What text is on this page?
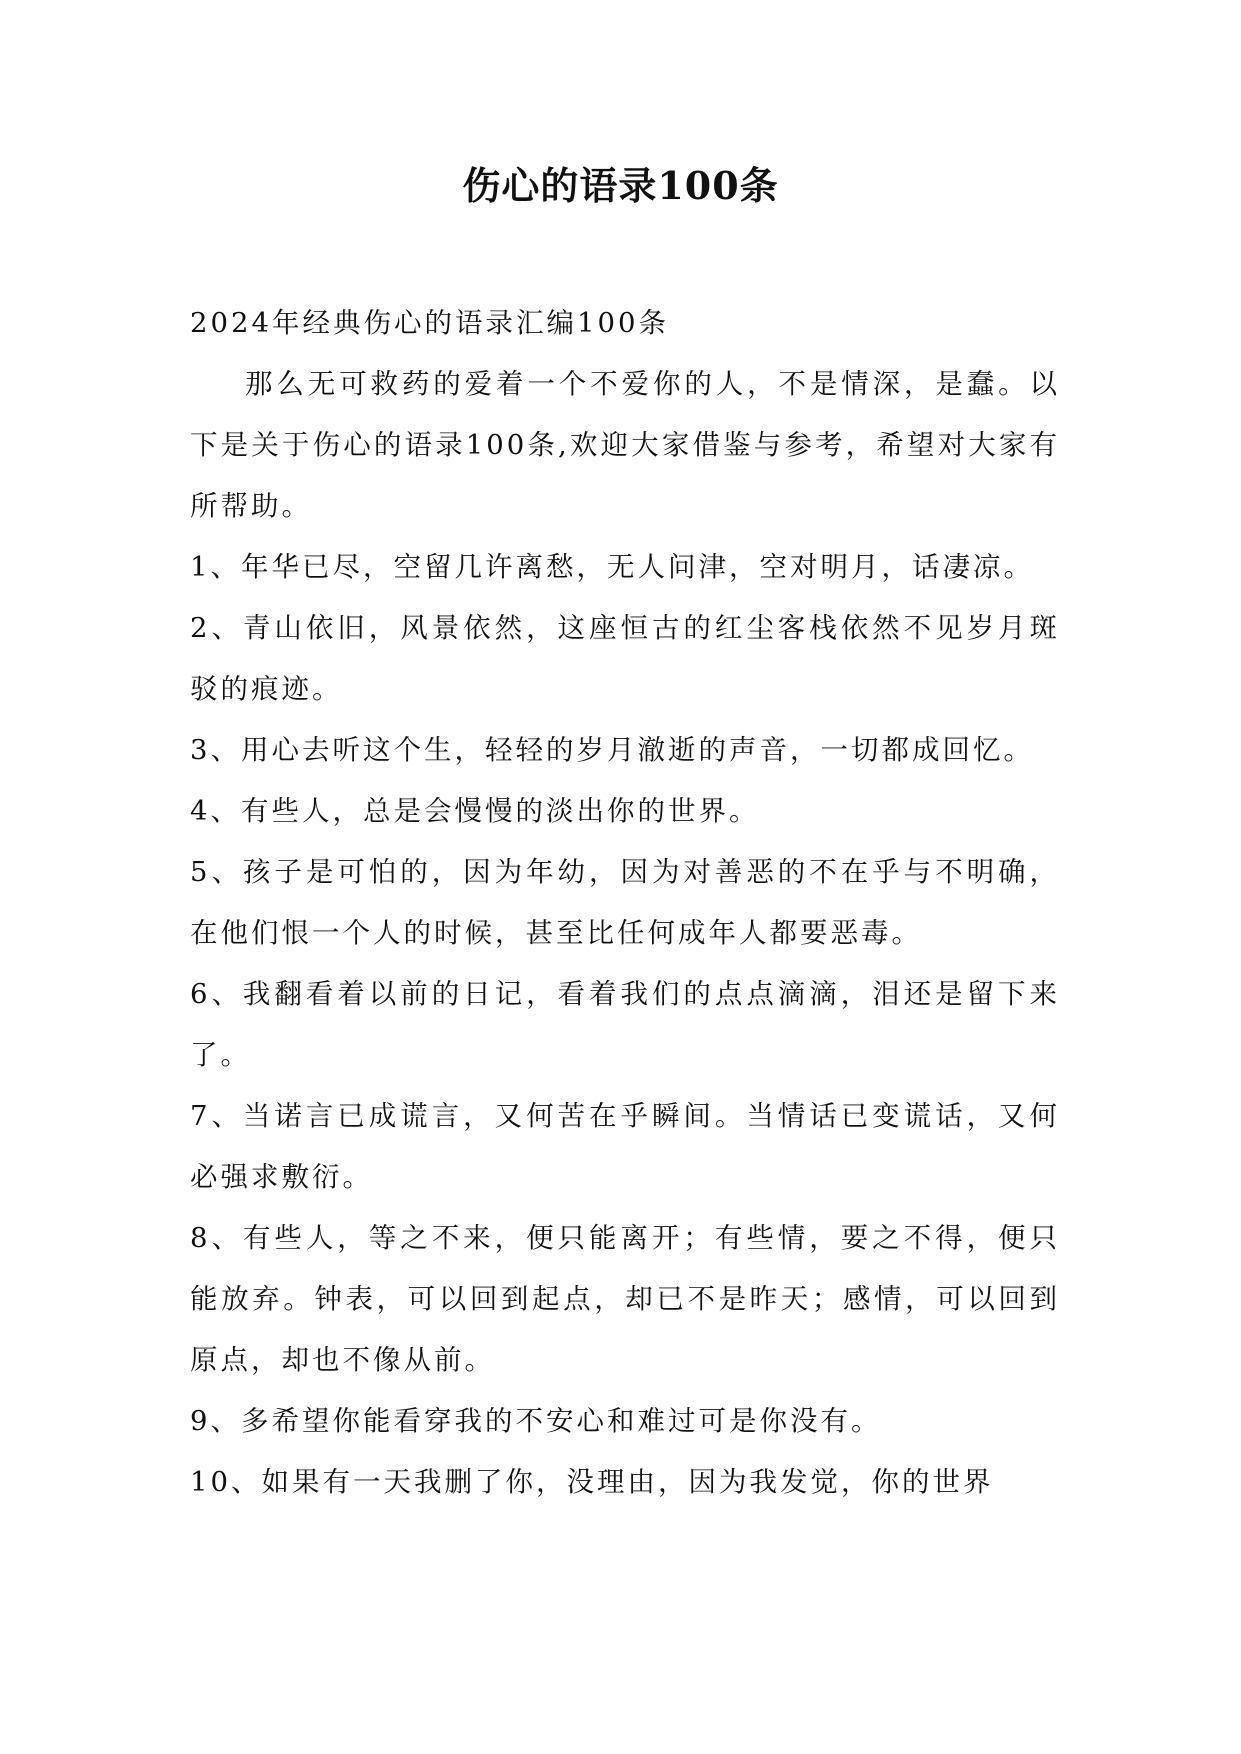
伤心的语录100条

2024年经典伤心的语录汇编100条

那么无可救药的爱着一个不爱你的人，不是情深，是蠢。以下是关于伤心的语录100条,欢迎大家借鉴与参考，希望对大家有所帮助。

1、年华已尽，空留几许离愁，无人问津，空对明月，话凄凉。

2、青山依旧，风景依然，这座恒古的红尘客栈依然不见岁月斑驳的痕迹。

3、用心去听这个生，轻轻的岁月澈逝的声音，一切都成回忆。

4、有些人，总是会慢慢的淡出你的世界。

5、孩子是可怕的，因为年幼，因为对善恶的不在乎与不明确，在他们恨一个人的时候，甚至比任何成年人都要恶毒。

6、我翻看着以前的日记，看着我们的点点滴滴，泪还是留下来了。

7、当诺言已成谎言，又何苦在乎瞬间。当情话已变谎话，又何必强求敷衍。

8、有些人，等之不来，便只能离开；有些情，要之不得，便只能放弃。钟表，可以回到起点，却已不是昨天；感情，可以回到原点，却也不像从前。

9、多希望你能看穿我的不安心和难过可是你没有。

10、如果有一天我删了你，没理由，因为我发觉，你的世界
